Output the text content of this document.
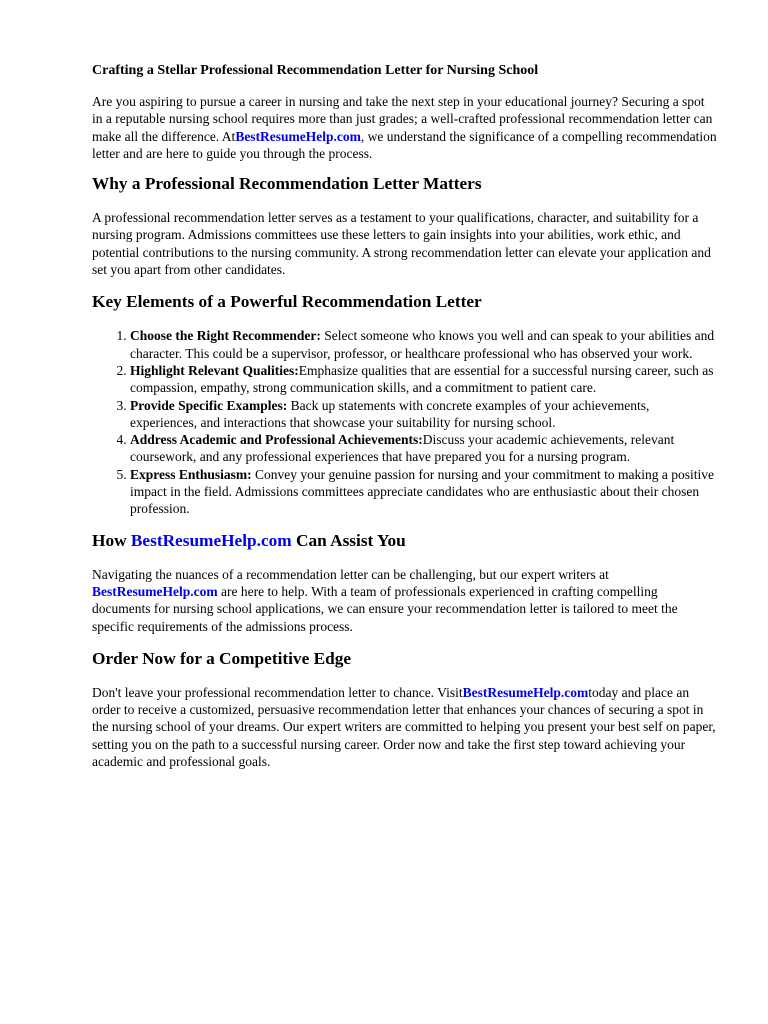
Crafting a Stellar Professional Recommendation Letter for Nursing School

Are you aspiring to pursue a career in nursing and take the next step in your educational journey? Securing a spot in a reputable nursing school requires more than just grades; a well-crafted professional recommendation letter can make all the difference. AtBestResumeHelp.com, we understand the significance of a compelling recommendation letter and are here to guide you through the process.

Why a Professional Recommendation Letter Matters

A professional recommendation letter serves as a testament to your qualifications, character, and suitability for a nursing program. Admissions committees use these letters to gain insights into your abilities, work ethic, and potential contributions to the nursing community. A strong recommendation letter can elevate your application and set you apart from other candidates.

Key Elements of a Powerful Recommendation Letter
1. Choose the Right Recommender: Select someone who knows you well and can speak to your abilities and character. This could be a supervisor, professor, or healthcare professional who has observed your work.
2. Highlight Relevant Qualities:Emphasize qualities that are essential for a successful nursing career, such as compassion, empathy, strong communication skills, and a commitment to patient care.
3. Provide Specific Examples: Back up statements with concrete examples of your achievements, experiences, and interactions that showcase your suitability for nursing school.
4. Address Academic and Professional Achievements:Discuss your academic achievements, relevant coursework, and any professional experiences that have prepared you for a nursing program.
5. Express Enthusiasm: Convey your genuine passion for nursing and your commitment to making a positive impact in the field. Admissions committees appreciate candidates who are enthusiastic about their chosen profession.
How BestResumeHelp.com Can Assist You

Navigating the nuances of a recommendation letter can be challenging, but our expert writers at BestResumeHelp.com are here to help. With a team of professionals experienced in crafting compelling documents for nursing school applications, we can ensure your recommendation letter is tailored to meet the specific requirements of the admissions process.

Order Now for a Competitive Edge

Don't leave your professional recommendation letter to chance. VisitBestResumeHelp.comtoday and place an order to receive a customized, persuasive recommendation letter that enhances your chances of securing a spot in the nursing school of your dreams. Our expert writers are committed to helping you present your best self on paper, setting you on the path to a successful nursing career. Order now and take the first step toward achieving your academic and professional goals.
